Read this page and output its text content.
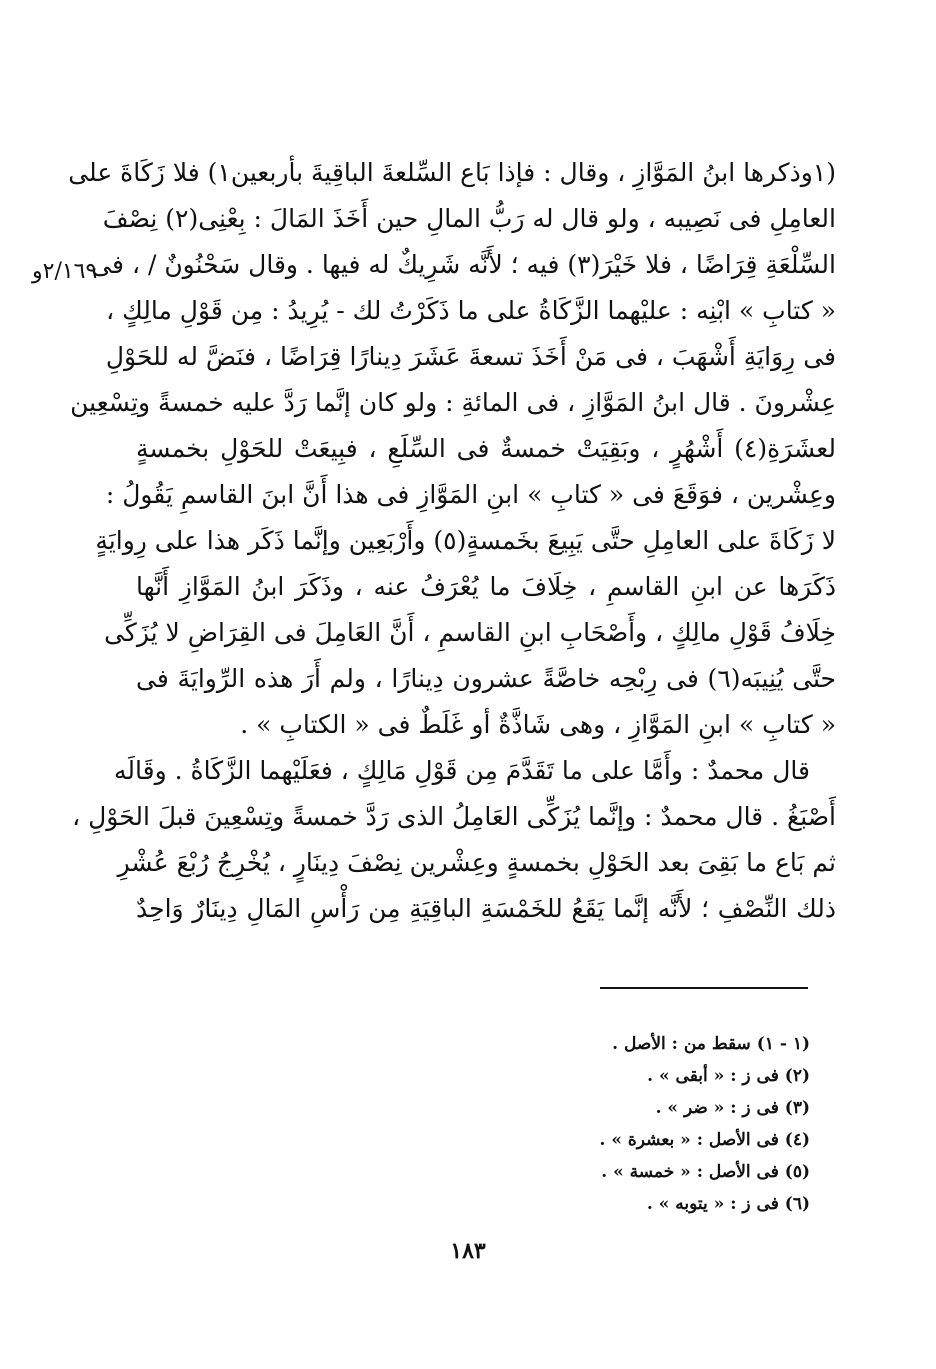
٢/١٦٩و
(١وذكرها ابنُ المَوَّازِ ، وقال : فإذا بَاع السِّلعةَ الباقِيةَ بأربعين١) فلا زَكَاةَ على
العامِلِ فى نَصِيبه ، ولو قال له رَبُّ المالِ حين أَخَذَ المَالَ : بِعْنِى(٢) نِصْفَ
السِّلْعَةِ قِرَاضًا ، فلا خَيْرَ(٣) فيه ؛ لأَنَّه شَرِيكٌ له فيها . وقال سَحْنُونٌ / ، فى
« كتابِ » ابْنِه : عليْهما الزَّكَاةُ على ما ذَكَرْتُ لك - يُرِيدُ : مِن قَوْلِ مالِكٍ ،
فى رِوَايَةِ أَشْهَبَ ، فى مَنْ أَخَذَ تسعةَ عَشَرَ دِينارًا قِرَاضًا ، فنَضَّ له للحَوْلِ
عِشْرونَ . قال ابنُ المَوَّازِ ، فى المائةِ : ولو كان إنَّما رَدَّ عليه خمسةً وتِسْعِين
لعشَرَةِ(٤) أَشْهُرٍ ، وبَقِيَتْ خمسةٌ فى السِّلَعِ ، فبِيعَتْ للحَوْلِ بخمسةٍ
وعِشْرين ، فوَقَعَ فى « كتابِ » ابنِ المَوَّازِ فى هذا أَنَّ ابنَ القاسمِ يَقُولُ :
لا زَكَاةَ على العامِلِ حتَّى يَبِيعَ بخَمسةٍ(٥) وأَرْبَعِين وإنَّما ذَكَر هذا على رِوايَةٍ
ذَكَرَها عن ابنِ القاسمِ ، خِلَافَ ما يُعْرَفُ عنه ، وذَكَرَ ابنُ المَوَّازِ أَنَّها
خِلَافُ قَوْلِ مالِكٍ ، وأَصْحَابِ ابنِ القاسمِ ، أَنَّ العَامِلَ فى القِرَاضِ لا يُزَكِّى
حتَّى يُنِيبَه(٦) فى رِبْحِه خاصَّةً عشرون دِينارًا ، ولم أَرَ هذه الرِّوايَةَ فى
« كتابِ » ابنِ المَوَّازِ ، وهى شَاذَّةٌ أو غَلَطٌ فى « الكتابِ » .
قال محمدٌ : وأَمَّا على ما تَقَدَّمَ مِن قَوْلِ مَالِكٍ ، فعَلَيْهما الزَّكَاةُ . وقَالَه
أَصْبَغُ . قال محمدٌ : وإنَّما يُزَكِّى العَامِلُ الذى رَدَّ خمسةً وتِسْعِينَ قبلَ الحَوْلِ ،
ثم بَاع ما بَقِىَ بعد الحَوْلِ بخمسةٍ وعِشْرين نِصْفَ دِينَارٍ ، يُخْرِجُ رُبْعَ عُشْرِ
ذلك النِّصْفِ ؛ لأَنَّه إنَّما يَقَعُ للخَمْسَةِ الباقِيَةِ مِن رَأْسِ المَالِ دِينَارٌ وَاحِدٌ
(١ - ١) سقط من : الأصل .
(٢) فى ز : « أبقى » .
(٣) فى ز : « ضر » .
(٤) فى الأصل : « بعشرة » .
(٥) فى الأصل : « خمسة » .
(٦) فى ز : « يتوبه » .
١٨٣
